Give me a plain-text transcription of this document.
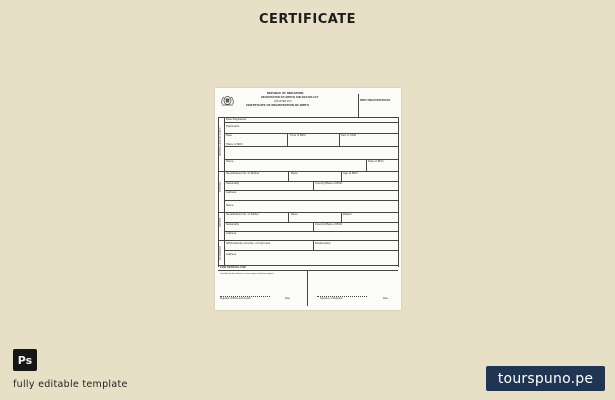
CERTIFICATE
REPUBLIC OF SINGAPORE
REGISTRATION OF BIRTHS AND DEATHS ACT
(CHAPTER 267)
CERTIFICATE OF REGISTRATION OF BIRTH
BIRTH REGISTRATION NO.
PARTICULARS OF CHILD
MOTHER
FATHER
INFORMANT
Date Registered
Particulars
Date	Time of Birth	Sex of Child
Place of Birth
Name	Date of Birth
Identification No. of Mother	Race	Age at Birth
Nationality	Country/Place of Birth
Address
Name
Identification No. of Father	Race	Dialect
Nationality	Country/Place of Birth
Address
NRIC/Identity Card No. of Informant	Relationship
Address
FOR OFFICIAL USE
I certify that the above is a true extract from the register
Registrar of Births and Deaths	Date	Signature of Registrar	Date
Ps
fully editable template	tourspuno.pe
